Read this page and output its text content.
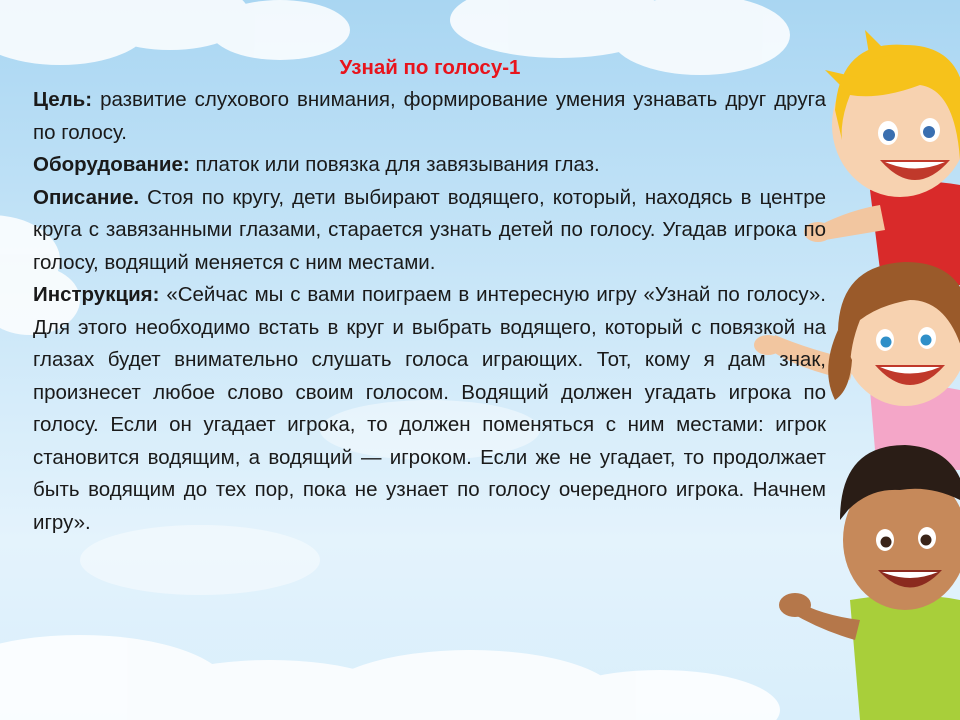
Узнай по голосу-1

Цель: развитие слухового внимания, формирование умения узнавать друг друга по голосу.

Оборудование: платок или повязка для завязывания глаз.

Описание. Стоя по кругу, дети выбирают водящего, который, находясь в центре круга с завязанными глазами, старается узнать детей по голосу. Угадав игрока по голосу, водящий меняется с ним местами.

Инструкция: «Сейчас мы с вами поиграем в интересную игру «Узнай по голосу». Для этого необходимо встать в круг и выбрать водящего, который с повязкой на глазах будет внимательно слушать голоса играющих. Тот, кому я дам знак, произнесет любое слово своим голосом. Водящий должен угадать игрока по голосу. Если он угадает игрока, то должен поменяться с ним местами: игрок становится водящим, а водящий — игроком. Если же не угадает, то продолжает быть водящим до тех пор, пока не узнает по голосу очередного игрока. Начнем игру».
